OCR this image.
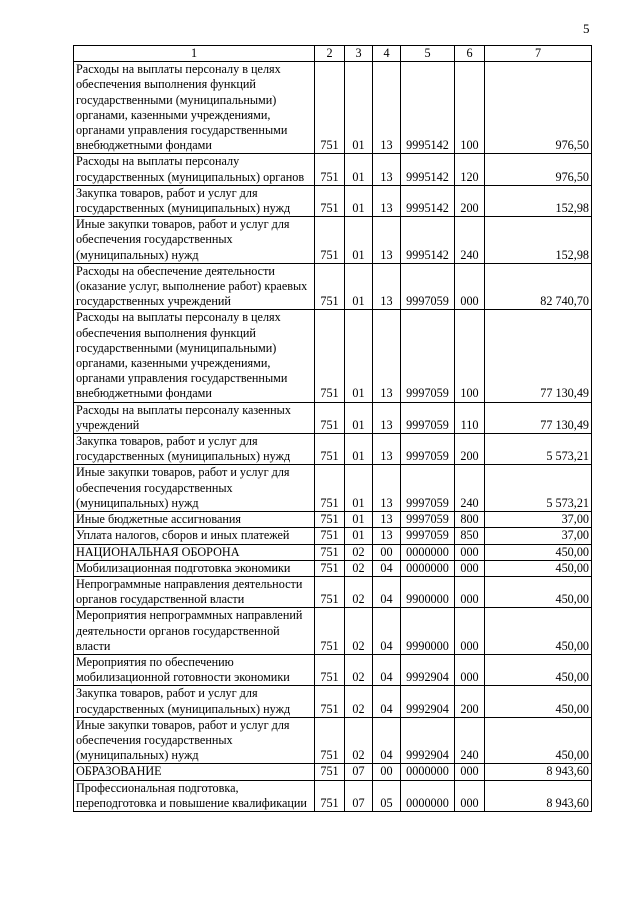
5
1	2	3	4	5	6	7
Расходы на выплаты персоналу в целях обеспечения выполнения функций государственными (муниципальными) органами, казенными учреждениями, органами управления государственными внебюджетными фондами	751	01	13	9995142	100	976,50
Расходы на выплаты персоналу государственных (муниципальных) органов	751	01	13	9995142	120	976,50
Закупка товаров, работ и услуг для государственных (муниципальных) нужд	751	01	13	9995142	200	152,98
Иные закупки товаров, работ и услуг для обеспечения государственных (муниципальных) нужд	751	01	13	9995142	240	152,98
Расходы на обеспечение деятельности (оказание услуг, выполнение работ) краевых государственных учреждений	751	01	13	9997059	000	82 740,70
Расходы на выплаты персоналу в целях обеспечения выполнения функций государственными (муниципальными) органами, казенными учреждениями, органами управления государственными внебюджетными фондами	751	01	13	9997059	100	77 130,49
Расходы на выплаты персоналу казенных учреждений	751	01	13	9997059	110	77 130,49
Закупка товаров, работ и услуг для государственных (муниципальных) нужд	751	01	13	9997059	200	5 573,21
Иные закупки товаров, работ и услуг для обеспечения государственных (муниципальных) нужд	751	01	13	9997059	240	5 573,21
Иные бюджетные ассигнования	751	01	13	9997059	800	37,00
Уплата налогов, сборов и иных платежей	751	01	13	9997059	850	37,00
НАЦИОНАЛЬНАЯ ОБОРОНА	751	02	00	0000000	000	450,00
Мобилизационная подготовка экономики	751	02	04	0000000	000	450,00
Непрограммные направления деятельности органов государственной власти	751	02	04	9900000	000	450,00
Мероприятия непрограммных направлений деятельности органов государственной власти	751	02	04	9990000	000	450,00
Мероприятия по обеспечению мобилизационной готовности экономики	751	02	04	9992904	000	450,00
Закупка товаров, работ и услуг для государственных (муниципальных) нужд	751	02	04	9992904	200	450,00
Иные закупки товаров, работ и услуг для обеспечения государственных (муниципальных) нужд	751	02	04	9992904	240	450,00
ОБРАЗОВАНИЕ	751	07	00	0000000	000	8 943,60
Профессиональная подготовка, переподготовка и повышение квалификации	751	07	05	0000000	000	8 943,60
